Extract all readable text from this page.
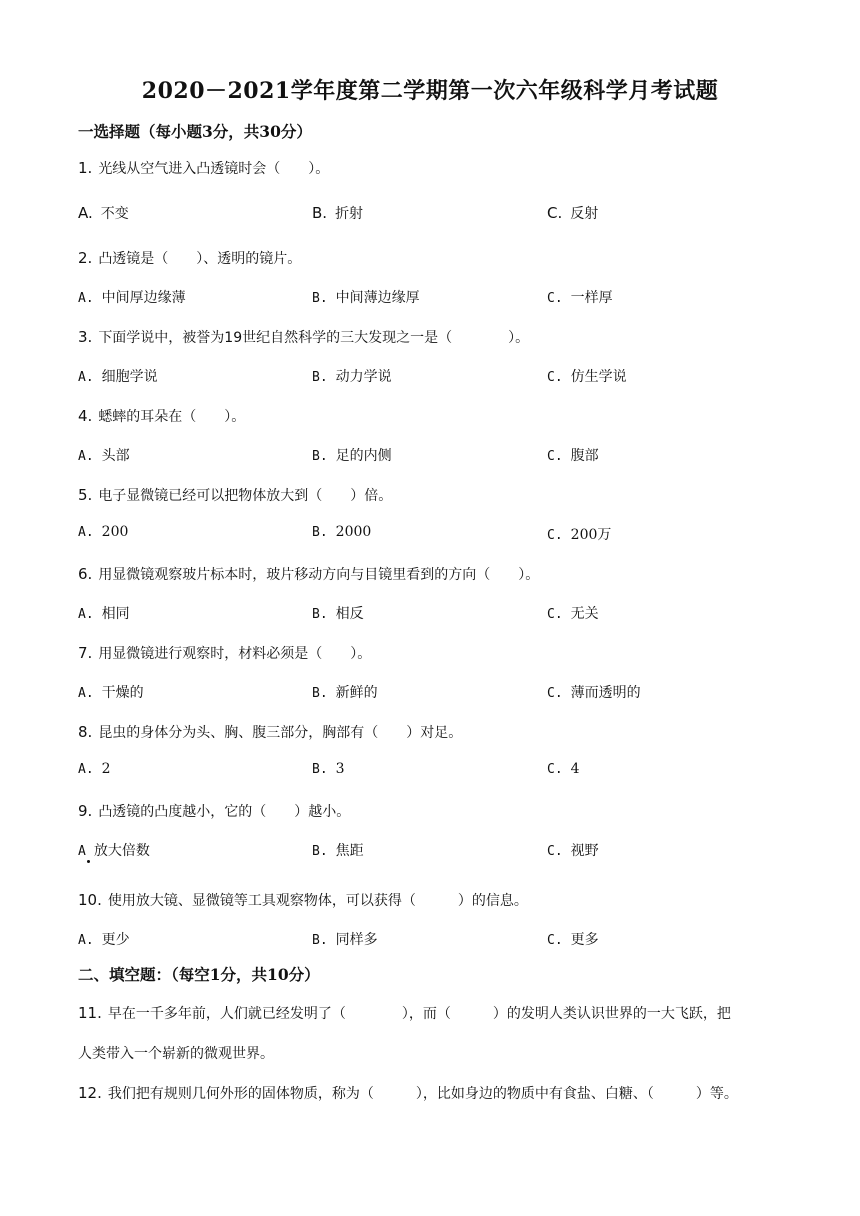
2020－2021学年度第二学期第一次六年级科学月考试题
一选择题（每小题3分，共30分）
1. 光线从空气进入凸透镜时会（　　）。
A. 不变	B. 折射	C. 反射
2. 凸透镜是（　　）、透明的镜片。
A. 中间厚边缘薄	B. 中间薄边缘厚	C. 一样厚
3. 下面学说中，被誉为19世纪自然科学的三大发现之一是（　　　　）。
A. 细胞学说	B. 动力学说	C. 仿生学说
4. 蟋蟀的耳朵在（　　）。
A. 头部	B. 足的内侧	C. 腹部
5. 电子显微镜已经可以把物体放大到（　　）倍。
A. 200	B. 2000	C. 200万
6. 用显微镜观察玻片标本时，玻片移动方向与目镜里看到的方向（　　）。
A. 相同	B. 相反	C. 无关
7. 用显微镜进行观察时，材料必须是（　　）。
A. 干燥的	B. 新鲜的	C. 薄而透明的
8. 昆虫的身体分为头、胸、腹三部分，胸部有（　　）对足。
A. 2	B. 3	C. 4
9. 凸透镜的凸度越小，它的（　　）越小。
A 放大倍数	B. 焦距	C. 视野
10. 使用放大镜、显微镜等工具观察物体，可以获得（　　　）的信息。
A. 更少	B. 同样多	C. 更多
二、填空题：（每空1分，共10分）
11. 早在一千多年前，人们就已经发明了（　　　　），而（　　　）的发明人类认识世界的一大飞跃，把
人类带入一个崭新的微观世界。
12. 我们把有规则几何外形的固体物质，称为（　　　），比如身边的物质中有食盐、白糖、（　　　）等。
